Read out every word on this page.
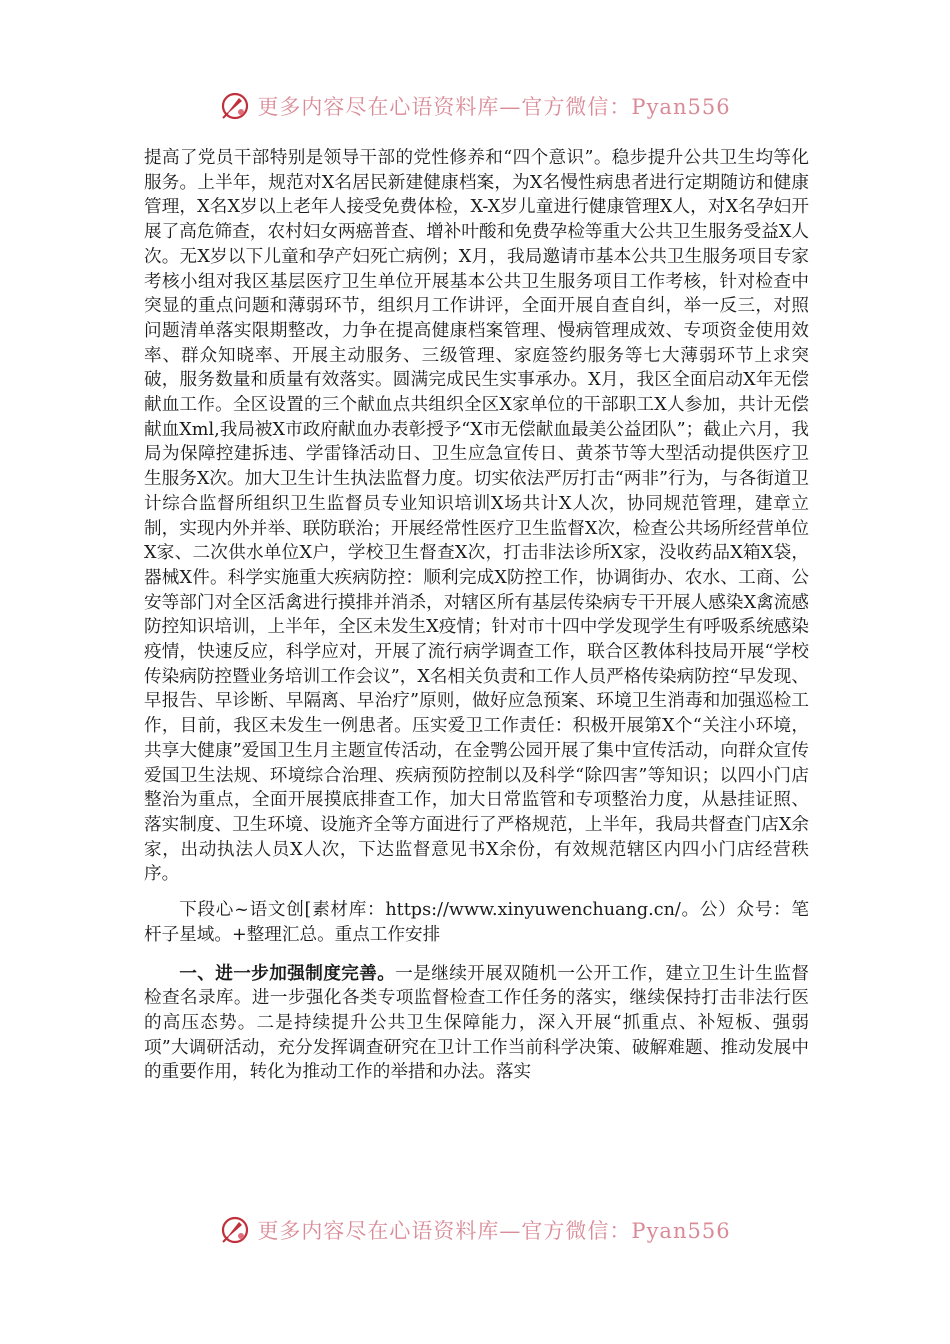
更多内容尽在心语资料库—官方微信：Pyan556

提高了党员干部特别是领导干部的党性修养和“四个意识”。稳步提升公共卫生均等化服务。上半年，规范对X名居民新建健康档案，为X名慢性病患者进行定期随访和健康管理，X名X岁以上老年人接受免费体检，X-X岁儿童进行健康管理X人，对X名孕妇开展了高危筛查，农村妇女两癌普查、增补叶酸和免费孕检等重大公共卫生服务受益X人次。无X岁以下儿童和孕产妇死亡病例；X月，我局邀请市基本公共卫生服务项目专家考核小组对我区基层医疗卫生单位开展基本公共卫生服务项目工作考核，针对检查中突显的重点问题和薄弱环节，组织月工作讲评，全面开展自查自纠，举一反三，对照问题清单落实限期整改，力争在提高健康档案管理、慢病管理成效、专项资金使用效率、群众知晓率、开展主动服务、三级管理、家庭签约服务等七大薄弱环节上求突破，服务数量和质量有效落实。圆满完成民生实事承办。X月，我区全面启动X年无偿献血工作。全区设置的三个献血点共组织全区X家单位的干部职工X人参加，共计无偿献血Xml,我局被X市政府献血办表彰授予“X市无偿献血最美公益团队”；截止六月，我局为保障控建拆违、学雷锋活动日、卫生应急宣传日、黄茶节等大型活动提供医疗卫生服务X次。加大卫生计生执法监督力度。切实依法严厉打击“两非”行为，与各街道卫计综合监督所组织卫生监督员专业知识培训X场共计X人次，协同规范管理，建章立制，实现内外并举、联防联治；开展经常性医疗卫生监督X次，检查公共场所经营单位X家、二次供水单位X户，学校卫生督查X次，打击非法诊所X家，没收药品X箱X袋，器械X件。科学实施重大疾病防控：顺利完成X防控工作，协调街办、农水、工商、公安等部门对全区活禽进行摸排并消杀，对辖区所有基层传染病专干开展人感染X禽流感防控知识培训，上半年，全区未发生X疫情；针对市十四中学发现学生有呼吸系统感染疫情，快速反应，科学应对，开展了流行病学调查工作，联合区教体科技局开展“学校传染病防控暨业务培训工作会议”，X名相关负责和工作人员严格传染病防控“早发现、早报告、早诊断、早隔离、早治疗”原则，做好应急预案、环境卫生消毒和加强巡检工作，目前，我区未发生一例患者。压实爱卫工作责任：积极开展第X个“关注小环境，共享大健康”爱国卫生月主题宣传活动，在金鹗公园开展了集中宣传活动，向群众宣传爱国卫生法规、环境综合治理、疾病预防控制以及科学“除四害”等知识；以四小门店整治为重点，全面开展摸底排查工作，加大日常监管和专项整治力度，从悬挂证照、落实制度、卫生环境、设施齐全等方面进行了严格规范，上半年，我局共督查门店X余家，出动执法人员X人次，下达监督意见书X余份，有效规范辖区内四小门店经营秩序。

下段心~语文创[素材库：https://www.xinyuwenchuang.cn/。公）众号：笔杆子星域。+整理汇总。重点工作安排

一、进一步加强制度完善。一是继续开展双随机一公开工作，建立卫生计生监督检查名录库。进一步强化各类专项监督检查工作任务的落实，继续保持打击非法行医的高压态势。二是持续提升公共卫生保障能力，深入开展“抓重点、补短板、强弱项”大调研活动，充分发挥调查研究在卫计工作当前科学决策、破解难题、推动发展中的重要作用，转化为推动工作的举措和办法。落实

更多内容尽在心语资料库—官方微信：Pyan556
